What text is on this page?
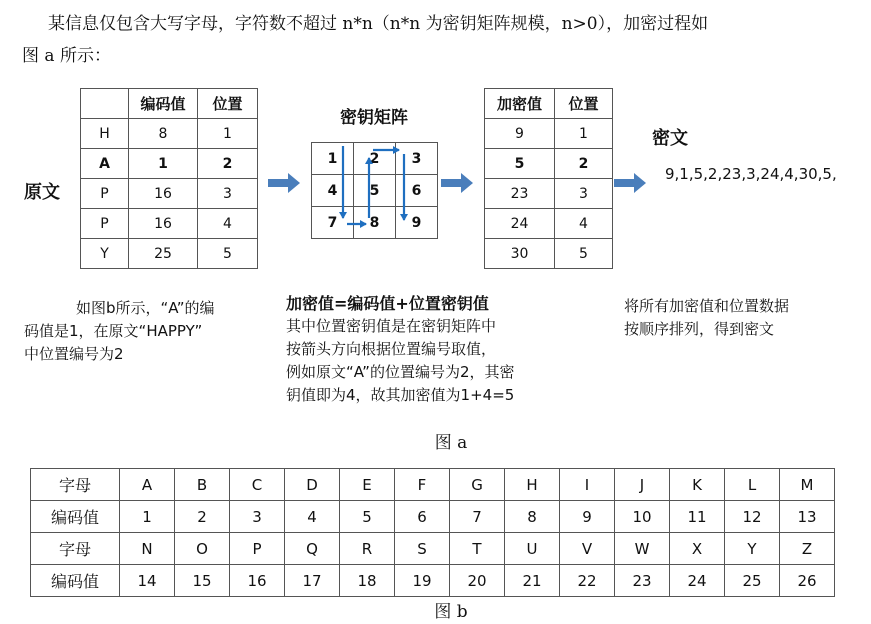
某信息仅包含大写字母，字符数不超过 n*n（n*n 为密钥矩阵规模，n>0），加密过程如
图 a 所示：
原文
	编码值	位置
H	8	1
A	1	2
P	16	3
P	16	4
Y	25	5
密钥矩阵
1	2	3
4	5	6
7	8	9
加密值	位置
9	1
5	2
23	3
24	4
30	5
密文
9,1,5,2,23,3,24,4,30,5,
如图b所示，“A”的编
码值是1，在原文“HAPPY”
中位置编号为2
加密值=编码值+位置密钥值
其中位置密钥值是在密钥矩阵中
按箭头方向根据位置编号取值，
例如原文“A”的位置编号为2，其密
钥值即为4，故其加密值为1+4=5
将所有加密值和位置数据
按顺序排列，得到密文
图 a
字母	A	B	C	D	E	F	G	H	I	J	K	L	M
编码值	1	2	3	4	5	6	7	8	9	10	11	12	13
字母	N	O	P	Q	R	S	T	U	V	W	X	Y	Z
编码值	14	15	16	17	18	19	20	21	22	23	24	25	26
图 b
